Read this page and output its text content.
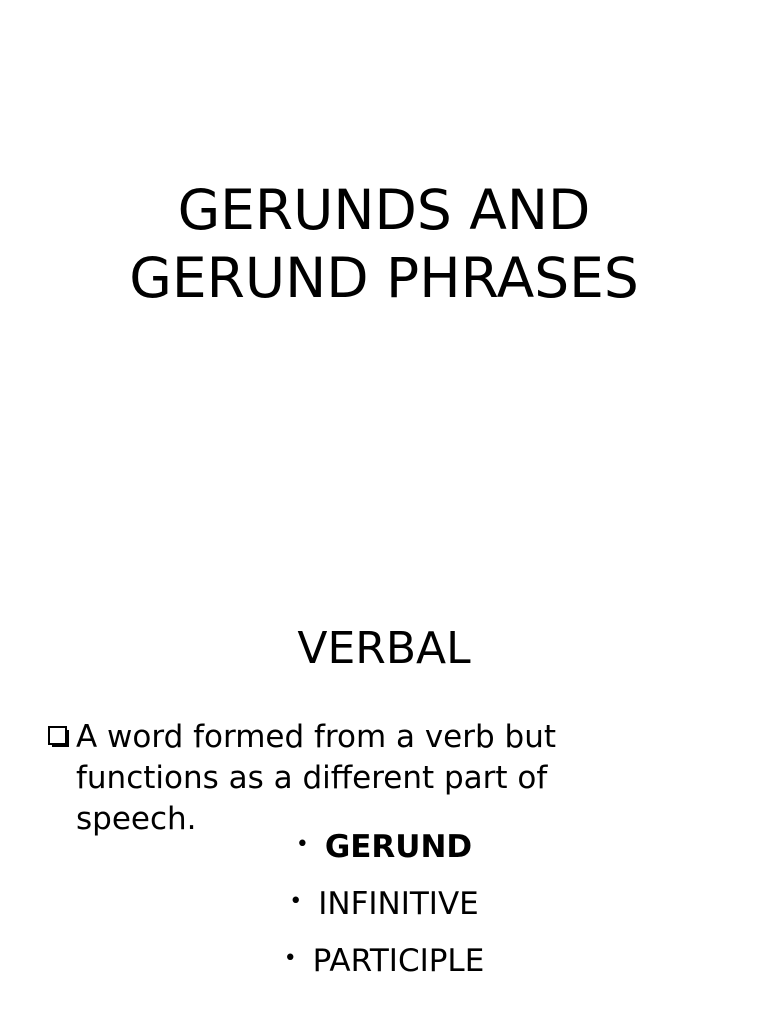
GERUNDS AND
GERUND PHRASES
VERBAL
A word formed from a verb but functions as a different part of speech.
• GERUND
• INFINITIVE
• PARTICIPLE
